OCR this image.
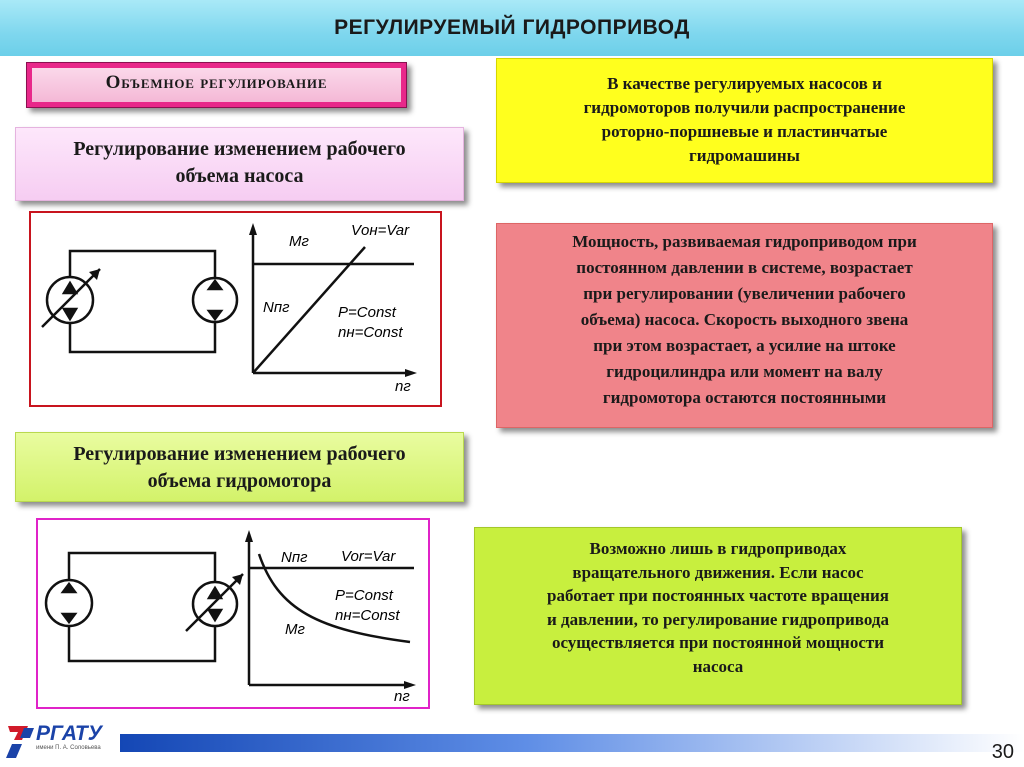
РЕГУЛИРУЕМЫЙ ГИДРОПРИВОД
Объемное регулирование
Регулирование изменением рабочего
объема насоса
Регулирование изменением рабочего
объема гидромотора
В качестве регулируемых насосов и
гидромоторов получили распространение
роторно-поршневые и пластинчатые
гидромашины
Мощность, развиваемая гидроприводом при
постоянном давлении в системе, возрастает
при регулировании (увеличении рабочего
объема) насоса. Скорость выходного звена
при этом возрастает, а усилие на штоке
гидроцилиндра или момент на валу
гидромотора остаются постоянными
Возможно лишь в гидроприводах
вращательного движения. Если насос
работает при постоянных частоте вращения
и давлении, то регулирование гидропривода
осуществляется при постоянной мощности
насоса
Mг
Vон=Var
Nпг	P=Const
nн=Const
nг
Nпг Vor=Var
P=Const
nн=Const
Mг
nг
РГАТУ
имени П. А. Соловьева	30
